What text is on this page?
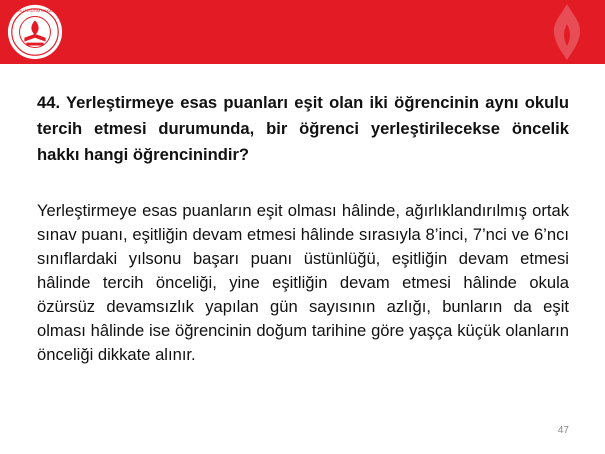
T.C. MİLLÎ EĞİTİM BAKANLIĞI

44. Yerleştirmeye esas puanları eşit olan iki öğrencinin aynı okulu tercih etmesi durumunda, bir öğrenci yerleştirilecekse öncelik hakkı hangi öğrencinindir?

Yerleştirmeye esas puanların eşit olması hâlinde, ağırlıklandırılmış ortak sınav puanı, eşitliğin devam etmesi hâlinde sırasıyla 8’inci, 7’nci ve 6’ncı sınıflardaki yılsonu başarı puanı üstünlüğü, eşitliğin devam etmesi hâlinde tercih önceliği, yine eşitliğin devam etmesi hâlinde okula özürsüz devamsızlık yapılan gün sayısının azlığı, bunların da eşit olması hâlinde ise öğrencinin doğum tarihine göre yaşça küçük olanların önceliği dikkate alınır.

47
